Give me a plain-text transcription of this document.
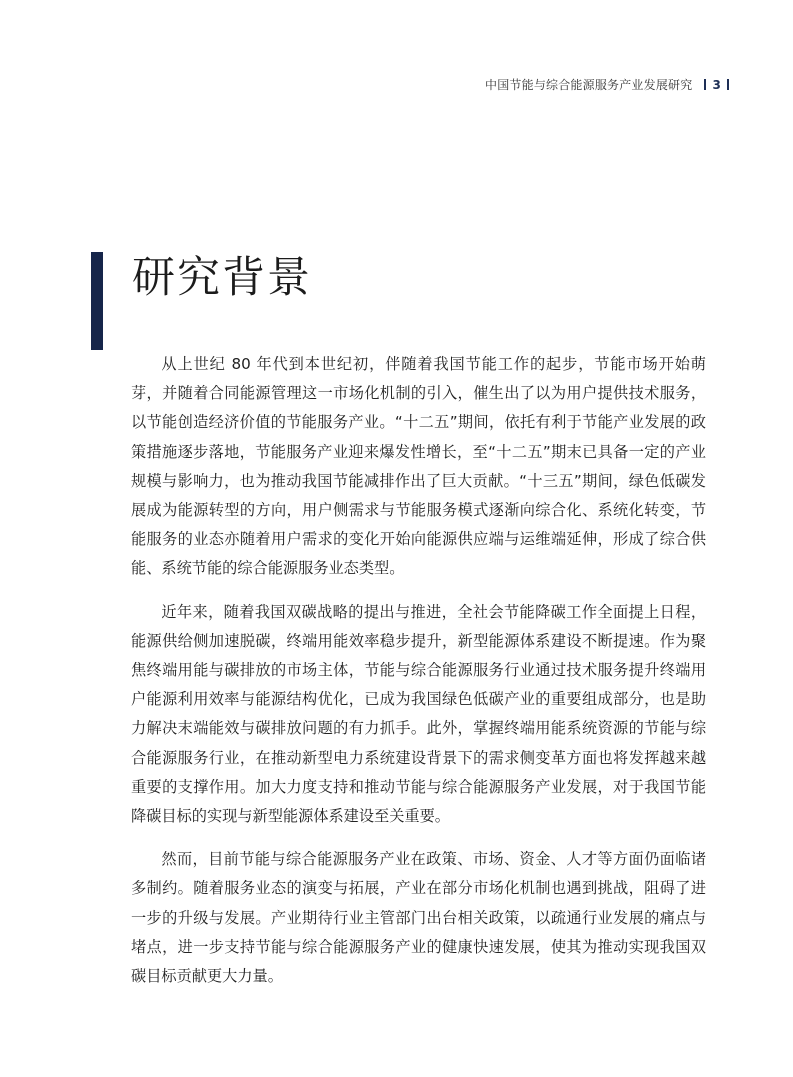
中国节能与综合能源服务产业发展研究 3
研究背景

从上世纪 80 年代到本世纪初，伴随着我国节能工作的起步，节能市场开始萌芽，并随着合同能源管理这一市场化机制的引入，催生出了以为用户提供技术服务，以节能创造经济价值的节能服务产业。“十二五”期间，依托有利于节能产业发展的政策措施逐步落地，节能服务产业迎来爆发性增长，至“十二五”期末已具备一定的产业规模与影响力，也为推动我国节能减排作出了巨大贡献。“十三五”期间，绿色低碳发展成为能源转型的方向，用户侧需求与节能服务模式逐渐向综合化、系统化转变，节能服务的业态亦随着用户需求的变化开始向能源供应端与运维端延伸，形成了综合供能、系统节能的综合能源服务业态类型。

近年来，随着我国双碳战略的提出与推进，全社会节能降碳工作全面提上日程，能源供给侧加速脱碳，终端用能效率稳步提升，新型能源体系建设不断提速。作为聚焦终端用能与碳排放的市场主体，节能与综合能源服务行业通过技术服务提升终端用户能源利用效率与能源结构优化，已成为我国绿色低碳产业的重要组成部分，也是助力解决末端能效与碳排放问题的有力抓手。此外，掌握终端用能系统资源的节能与综合能源服务行业，在推动新型电力系统建设背景下的需求侧变革方面也将发挥越来越重要的支撑作用。加大力度支持和推动节能与综合能源服务产业发展，对于我国节能降碳目标的实现与新型能源体系建设至关重要。

然而，目前节能与综合能源服务产业在政策、市场、资金、人才等方面仍面临诸多制约。随着服务业态的演变与拓展，产业在部分市场化机制也遇到挑战，阻碍了进一步的升级与发展。产业期待行业主管部门出台相关政策，以疏通行业发展的痛点与堵点，进一步支持节能与综合能源服务产业的健康快速发展，使其为推动实现我国双碳目标贡献更大力量。
